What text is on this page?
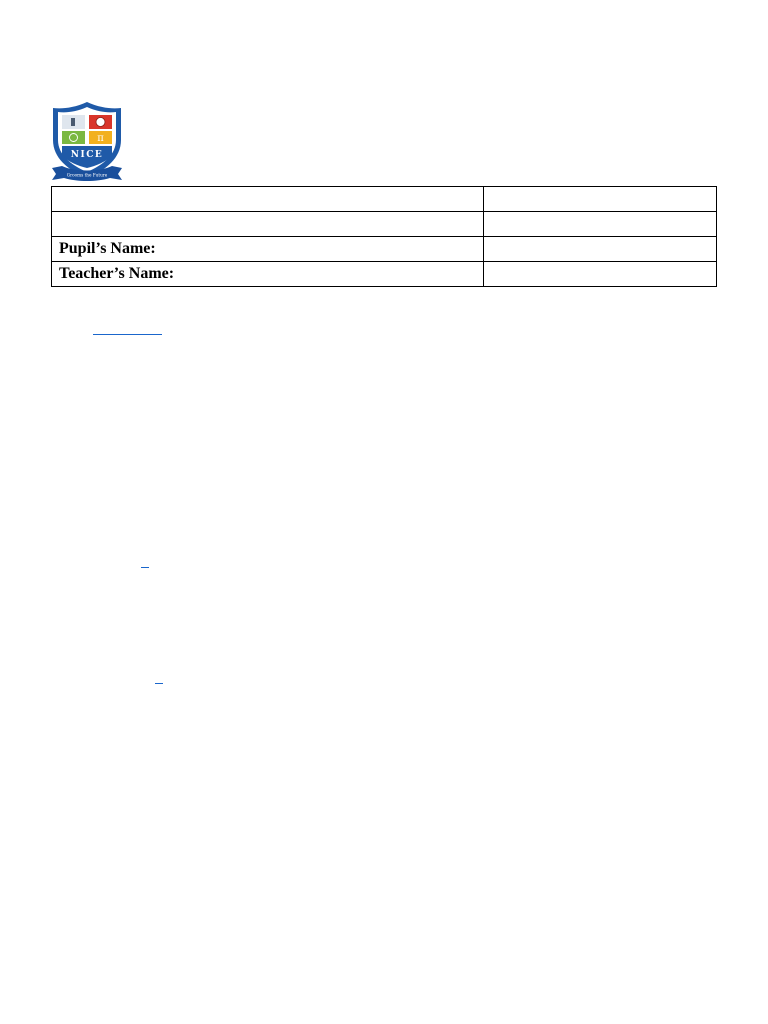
π
NICE
Grooms the Future

Pupil’s Name:	
Teacher’s Name:	
